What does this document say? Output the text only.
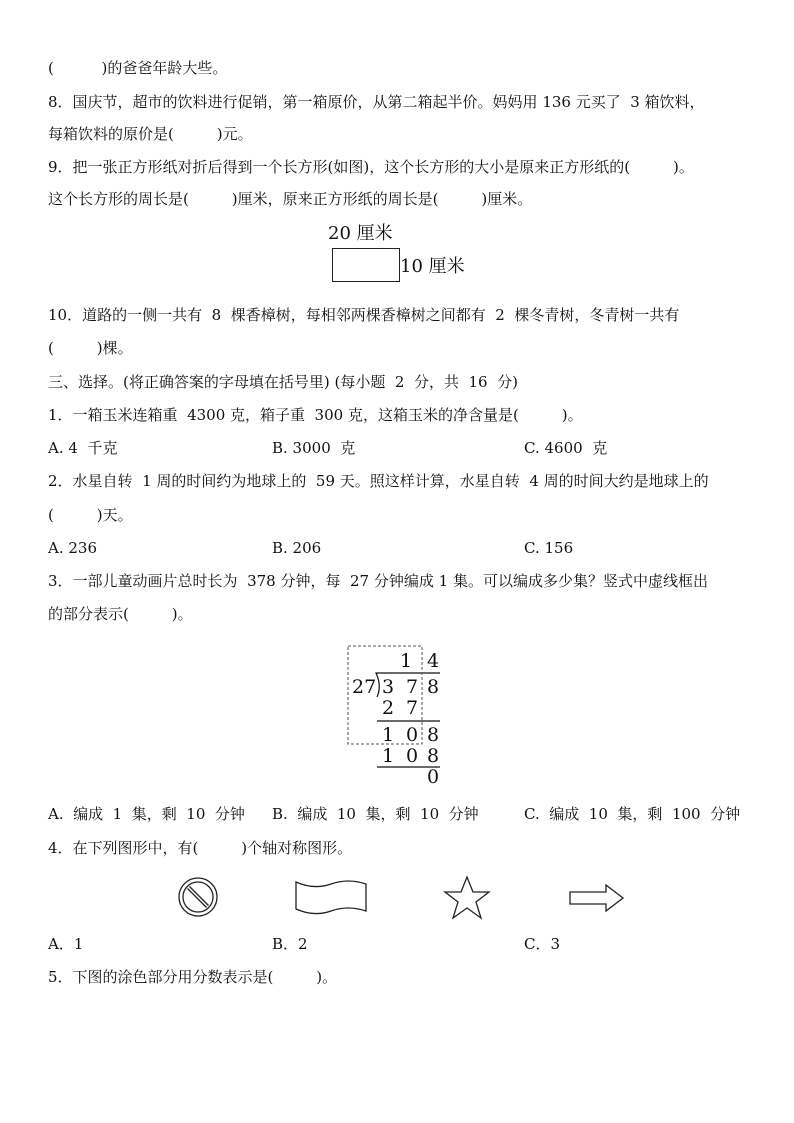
(          )的爸爸年龄大些。
8．国庆节，超市的饮料进行促销，第一箱原价，从第二箱起半价。妈妈用 136 元买了  3 箱饮料，
每箱饮料的原价是(         )元。
9．把一张正方形纸对折后得到一个长方形(如图)，这个长方形的大小是原来正方形纸的(         )。
这个长方形的周长是(         )厘米，原来正方形纸的周长是(         )厘米。
20 厘米
10 厘米
10．道路的一侧一共有  8  棵香樟树，每相邻两棵香樟树之间都有  2  棵冬青树，冬青树一共有
(         )棵。
三、选择。(将正确答案的字母填在括号里) (每小题  2  分，共  16  分)
1．一箱玉米连箱重  4300 克，箱子重  300 克，这箱玉米的净含量是(         )。
A. 4  千克	B. 3000  克	C. 4600  克
2．水星自转  1 周的时间约为地球上的  59 天。照这样计算，水星自转  4 周的时间大约是地球上的
(         )天。
A. 236	B. 206	C. 156
3．一部儿童动画片总时长为  378 分钟，每  27 分钟编成 1 集。可以编成多少集？竖式中虚线框出
的部分表示(         )。
1 4
27 3 7 8
2 7
1 0 8
1 0 8
0
A.  编成  1  集，剩  10  分钟 B.  编成  10  集，剩  10  分钟	C.  编成  10  集，剩  100  分钟
4．在下列图形中，有(         )个轴对称图形。
A．1	B．2	C．3
5．下图的涂色部分用分数表示是(         )。
